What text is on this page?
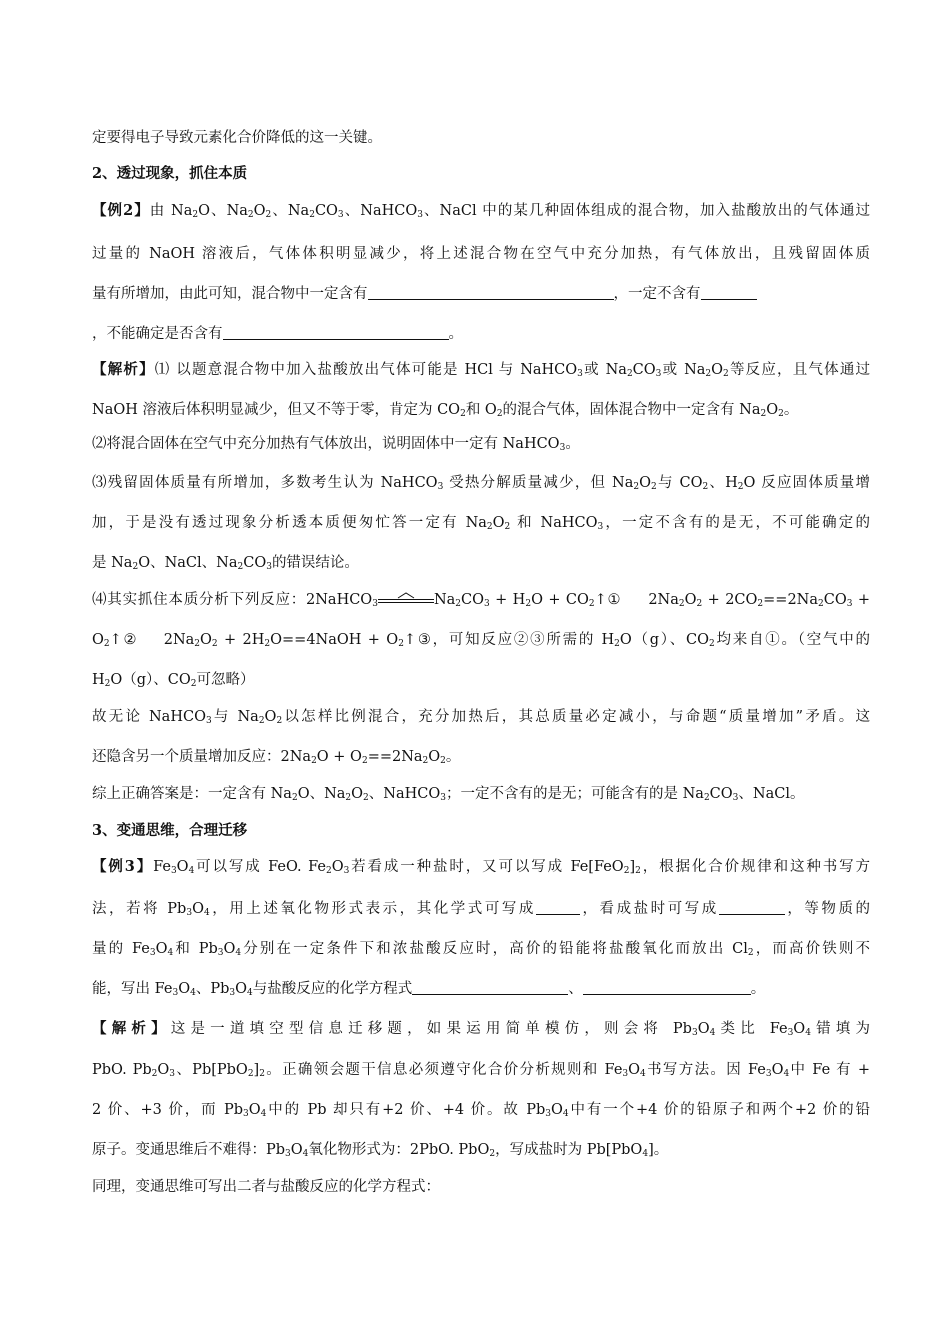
定要得电子导致元素化合价降低的这一关键。
2、透过现象，抓住本质
【例2】由 $Na_2O$、$Na_2O_2$、$Na_2CO_3$、NaHCO$_3$、NaCl 中的某几种固体组成的混合物，加入盐酸放出的气体通过
过量的 NaOH 溶液后，气体体积明显减少，将上述混合物在空气中充分加热，有气体放出，且残留固体质
量有所增加，由此可知，混合物中一定含有	，一定不含有
，不能确定是否含有	。
【解析】⑴ 以题意混合物中加入盐酸放出气体可能是 HCl 与 NaHCO$_3$或 $Na_2CO_3$或 $Na_2O_2$等反应，且气体通过
NaOH 溶液后体积明显减少，但又不等于零，肯定为 $CO_2$和 $O_2$的混合气体，固体混合物中一定含有 $Na_2O_2$。
⑵将混合固体在空气中充分加热有气体放出，说明固体中一定有 NaHCO$_3$。
⑶残留固体质量有所增加，多数考生认为 NaHCO$_3$ 受热分解质量减少，但 $Na_2O_2$与 $CO_2$、$H_2O$ 反应固体质量增
加，于是没有透过现象分析透本质便匆忙答一定有 $Na_2O_2$ 和 NaHCO$_3$，一定不含有的是无，不可能确定的
是 $Na_2O$、NaCl、$Na_2CO_3$的错误结论。
⑷其实抓住本质分析下列反应：2NaHCO$_3$	$Na_2CO_3 + H_2O$ + $CO_2↑①$ $2Na_2O_2 + 2CO_2==2Na_2CO_3$ +
$O_2↑②$ $2Na_2O_2$ + $2H_2O==4NaOH$ + $O_2↑③$，可知反应②③所需的 $H_2O(g)$、$CO_2$均来自①。（空气中的
$H_2O(g)$、$CO_2$可忽略）
故无论 NaHCO$_3$与 $Na_2O_2$以怎样比例混合，充分加热后，其总质量必定减小，与命题“质量增加”矛盾。这
还隐含另一个质量增加反应：$2Na_2O + O_2==2Na_2O_2$。
综上正确答案是：一定含有 $Na_2O$、$Na_2O_2$、NaHCO$_3$；一定不含有的是无；可能含有的是 $Na_2CO_3$、NaCl。
3、变通思维，合理迁移
【例3】$Fe_3O_4$可以写成 FeO. $Fe_2O_3$若看成一种盐时，又可以写成 $Fe[FeO_2]_2$，根据化合价规律和这种书写方
法，若将 $Pb_3O_4$，用上述氧化物形式表示，其化学式可写成	，看成盐时可写成	，等物质的
量的 $Fe_3O_4$和 $Pb_3O_4$分别在一定条件下和浓盐酸反应时，高价的铅能将盐酸氧化而放出 $Cl_2$，而高价铁则不
能，写出 $Fe_3O_4$、$Pb_3O_4$与盐酸反应的化学方程式	、	。
【解析】这是一道填空型信息迁移题，如果运用简单模仿，则会将 $Pb_3O_4$类比 $Fe_3O_4$错填为
PbO. $Pb_2O_3$、$Pb[PbO_2]_2$。正确领会题干信息必须遵守化合价分析规则和 $Fe_3O_4$书写方法。因 $Fe_3O_4$中 Fe 有 +
2 价、+3 价，而 $Pb_3O_4$中的 Pb 却只有+2 价、+4 价。故 $Pb_3O_4$中有一个+4 价的铅原子和两个+2 价的铅
原子。变通思维后不难得：$Pb_3O_4$氧化物形式为：2PbO. PbO$_2$，写成盐时为 Pb[PbO$_4$]。
同理，变通思维可写出二者与盐酸反应的化学方程式：
